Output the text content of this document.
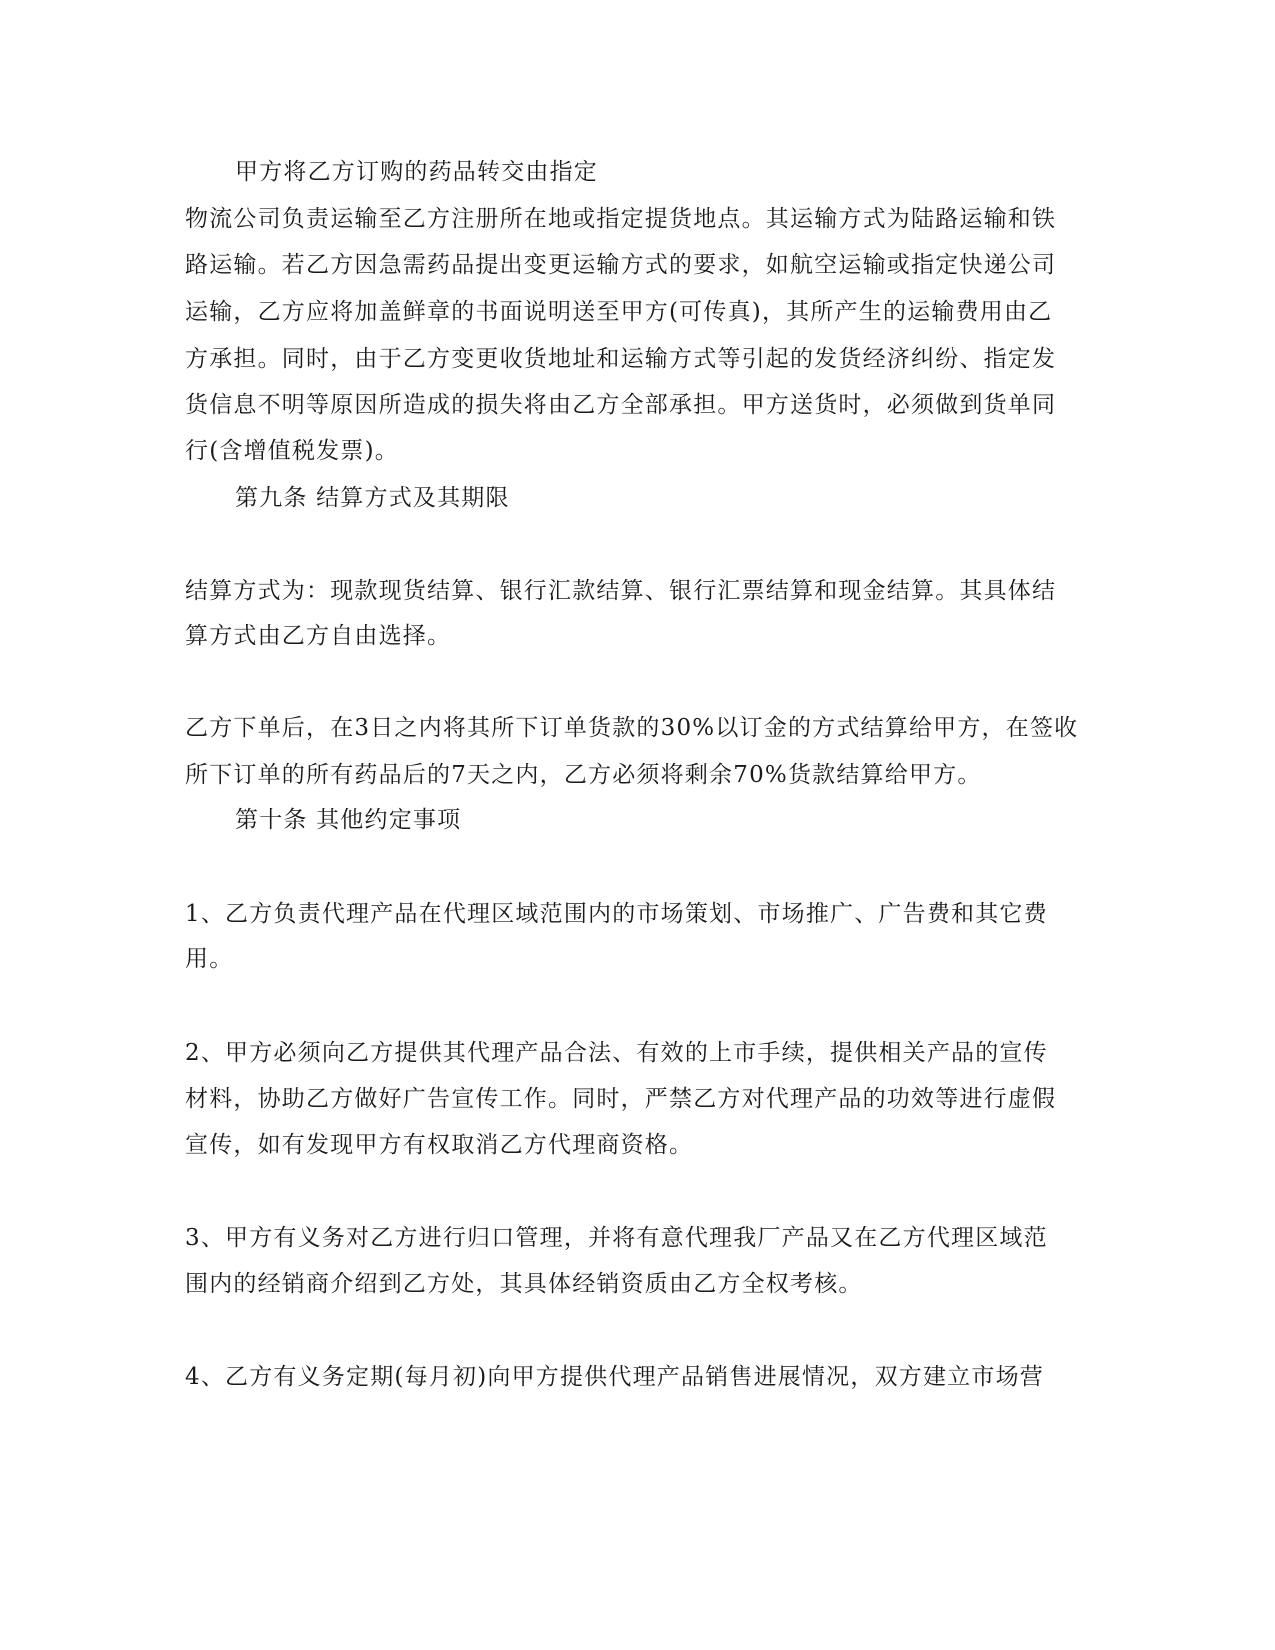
甲方将乙方订购的药品转交由指定
物流公司负责运输至乙方注册所在地或指定提货地点。其运输方式为陆路运输和铁
路运输。若乙方因急需药品提出变更运输方式的要求，如航空运输或指定快递公司
运输，乙方应将加盖鲜章的书面说明送至甲方(可传真)，其所产生的运输费用由乙
方承担。同时，由于乙方变更收货地址和运输方式等引起的发货经济纠纷、指定发
货信息不明等原因所造成的损失将由乙方全部承担。甲方送货时，必须做到货单同
行(含增值税发票)。
第九条 结算方式及其期限
结算方式为：现款现货结算、银行汇款结算、银行汇票结算和现金结算。其具体结
算方式由乙方自由选择。
乙方下单后，在3日之内将其所下订单货款的30%以订金的方式结算给甲方，在签收
所下订单的所有药品后的7天之内，乙方必须将剩余70%货款结算给甲方。
第十条 其他约定事项
1、乙方负责代理产品在代理区域范围内的市场策划、市场推广、广告费和其它费
用。
2、甲方必须向乙方提供其代理产品合法、有效的上市手续，提供相关产品的宣传
材料，协助乙方做好广告宣传工作。同时，严禁乙方对代理产品的功效等进行虚假
宣传，如有发现甲方有权取消乙方代理商资格。
3、甲方有义务对乙方进行归口管理，并将有意代理我厂产品又在乙方代理区域范
围内的经销商介绍到乙方处，其具体经销资质由乙方全权考核。
4、乙方有义务定期(每月初)向甲方提供代理产品销售进展情况，双方建立市场营
